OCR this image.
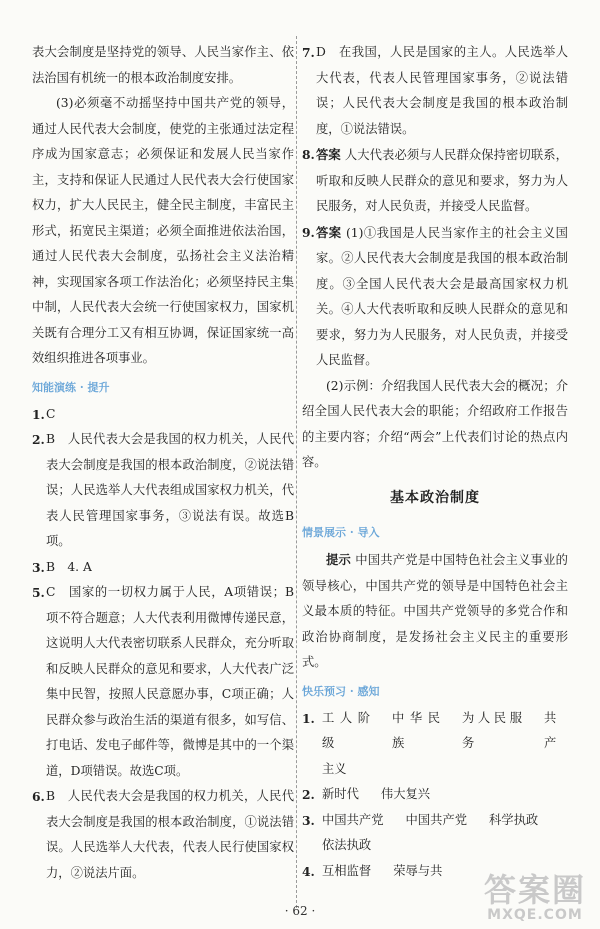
表大会制度是坚持党的领导、人民当家作主、依法治国有机统一的根本政治制度安排。

(3)必须毫不动摇坚持中国共产党的领导，通过人民代表大会制度，使党的主张通过法定程序成为国家意志；必须保证和发展人民当家作主，支持和保证人民通过人民代表大会行使国家权力，扩大人民民主，健全民主制度，丰富民主形式，拓宽民主渠道；必须全面推进依法治国，通过人民代表大会制度，弘扬社会主义法治精神，实现国家各项工作法治化；必须坚持民主集中制，人民代表大会统一行使国家权力，国家机关既有合理分工又有相互协调，保证国家统一高效组织推进各项事业。

知能演练 · 提升
1. C
2. B　人民代表大会是我国的权力机关，人民代表大会制度是我国的根本政治制度，②说法错误；人民选举人大代表组成国家权力机关，代表人民管理国家事务，③说法有误。故选B项。
3. B　4. A
5. C　国家的一切权力属于人民，A项错误；B项不符合题意；人大代表利用微博传递民意，这说明人大代表密切联系人民群众，充分听取和反映人民群众的意见和要求，人大代表广泛集中民智，按照人民意愿办事，C项正确；人民群众参与政治生活的渠道有很多，如写信、打电话、发电子邮件等，微博是其中的一个渠道，D项错误。故选C项。
6. B　人民代表大会是我国的权力机关，人民代表大会制度是我国的根本政治制度，①说法错误。人民选举人大代表，代表人民行使国家权力，②说法片面。
7. D　在我国，人民是国家的主人。人民选举人大代表，代表人民管理国家事务，②说法错误；人民代表大会制度是我国的根本政治制度，①说法错误。
8. 答案 人大代表必须与人民群众保持密切联系，听取和反映人民群众的意见和要求，努力为人民服务，对人民负责，并接受人民监督。
9. 答案 (1)①我国是人民当家作主的社会主义国家。②人民代表大会制度是我国的根本政治制度。③全国人民代表大会是最高国家权力机关。④人大代表听取和反映人民群众的意见和要求，努力为人民服务，对人民负责，并接受人民监督。

(2)示例：介绍我国人民代表大会的概况；介绍全国人民代表大会的职能；介绍政府工作报告的主要内容；介绍“两会”上代表们讨论的热点内容。

基本政治制度
情景展示 · 导入

提示 中国共产党是中国特色社会主义事业的领导核心，中国共产党的领导是中国特色社会主义最本质的特征。中国共产党领导的多党合作和政治协商制度，是发扬社会主义民主的重要形式。

快乐预习 · 感知
1. 工人阶级
中华民族
为人民服务
共产
主义
2. 新时代 伟大复兴
3. 中国共产党 中国共产党 科学执政
依法执政
4. 互相监督 荣辱与共
· 62 ·
答案圈
MXQE.COM
